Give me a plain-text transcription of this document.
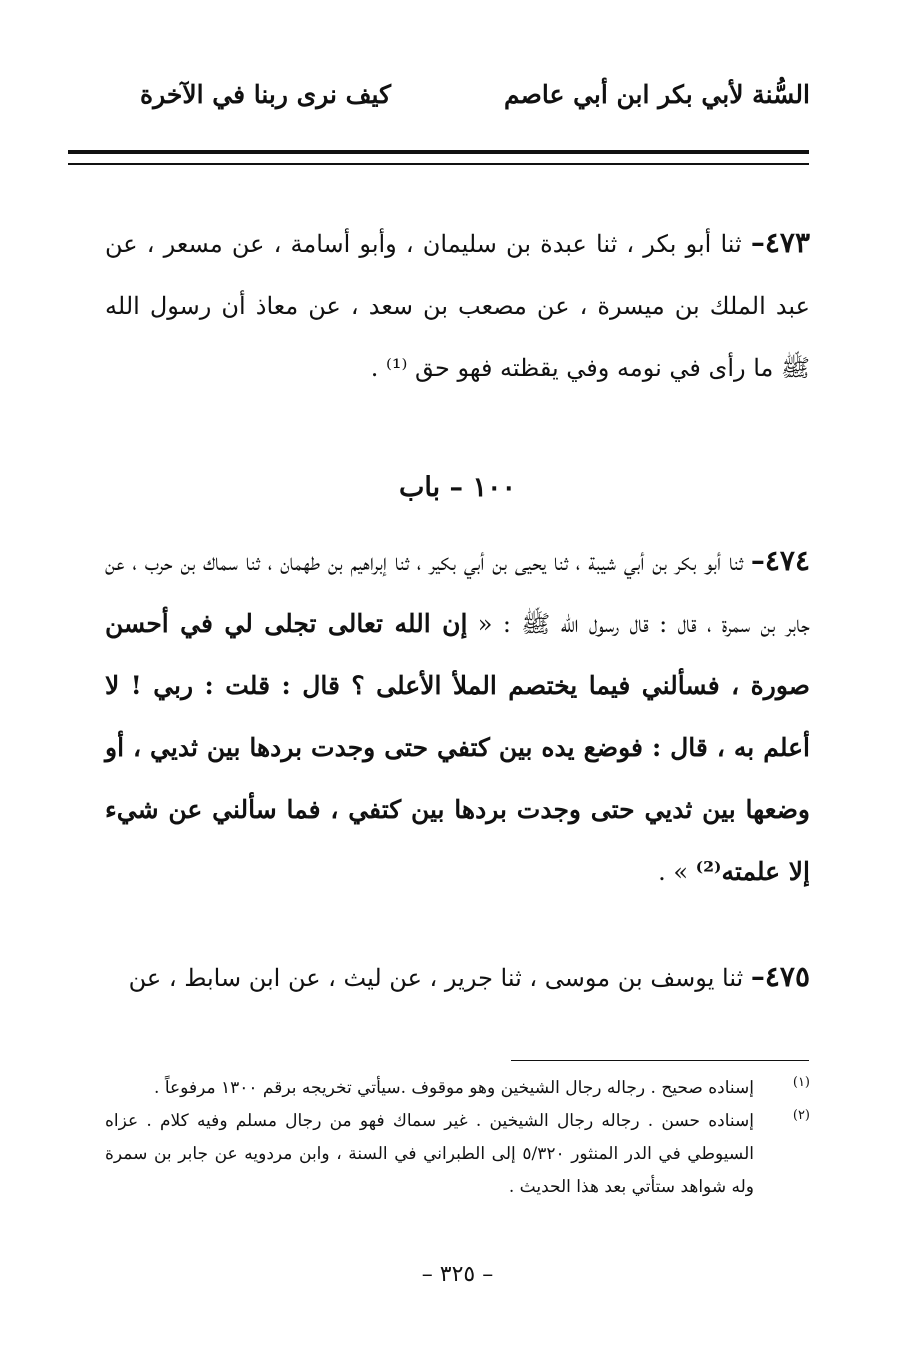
السُّنة لأبي بكر ابن أبي عاصم
كيف نرى ربنا في الآخرة
٤٧٣– ثنا أبو بكر ، ثنا عبدة بن سليمان ، وأبو أسامة ، عن مسعر ، عن عبد الملك بن ميسرة ، عن مصعب بن سعد ، عن معاذ أن رسول الله ﷺ ما رأى في نومه وفي يقظته فهو حق ⁽¹⁾ .
١٠٠ – باب
٤٧٤– ثنا أبو بكر بن أبي شيبة ، ثنا يحيى بن أبي بكير ، ثنا إبراهيم بن طهمان ، ثنا سماك بن حرب ، عن جابر بن سمرة ، قال : قال رسول الله ﷺ : « إن الله تعالى تجلى لي في أحسن صورة ، فسألني فيما يختصم الملأ الأعلى ؟ قال : قلت : ربي ! لا أعلم به ، قال : فوضع يده بين كتفي حتى وجدت بردها بين ثديي ، أو وضعها بين ثديي حتى وجدت بردها بين كتفي ، فما سألني عن شيء إلا علمته⁽²⁾ » .
٤٧٥– ثنا يوسف بن موسى ، ثنا جرير ، عن ليث ، عن ابن سابط ، عن
(١)
إسناده صحيح . رجاله رجال الشيخين وهو موقوف .سيأتي تخريجه برقم ١٣٠٠ مرفوعاً .
(٢)
إسناده حسن . رجاله رجال الشيخين . غير سماك فهو من رجال مسلم وفيه كلام . عزاه السيوطي في الدر المنثور ٥/٣٢٠ إلى الطبراني في السنة ، وابن مردويه عن جابر بن سمرة وله شواهد ستأتي بعد هذا الحديث .
– ٣٢٥ –
